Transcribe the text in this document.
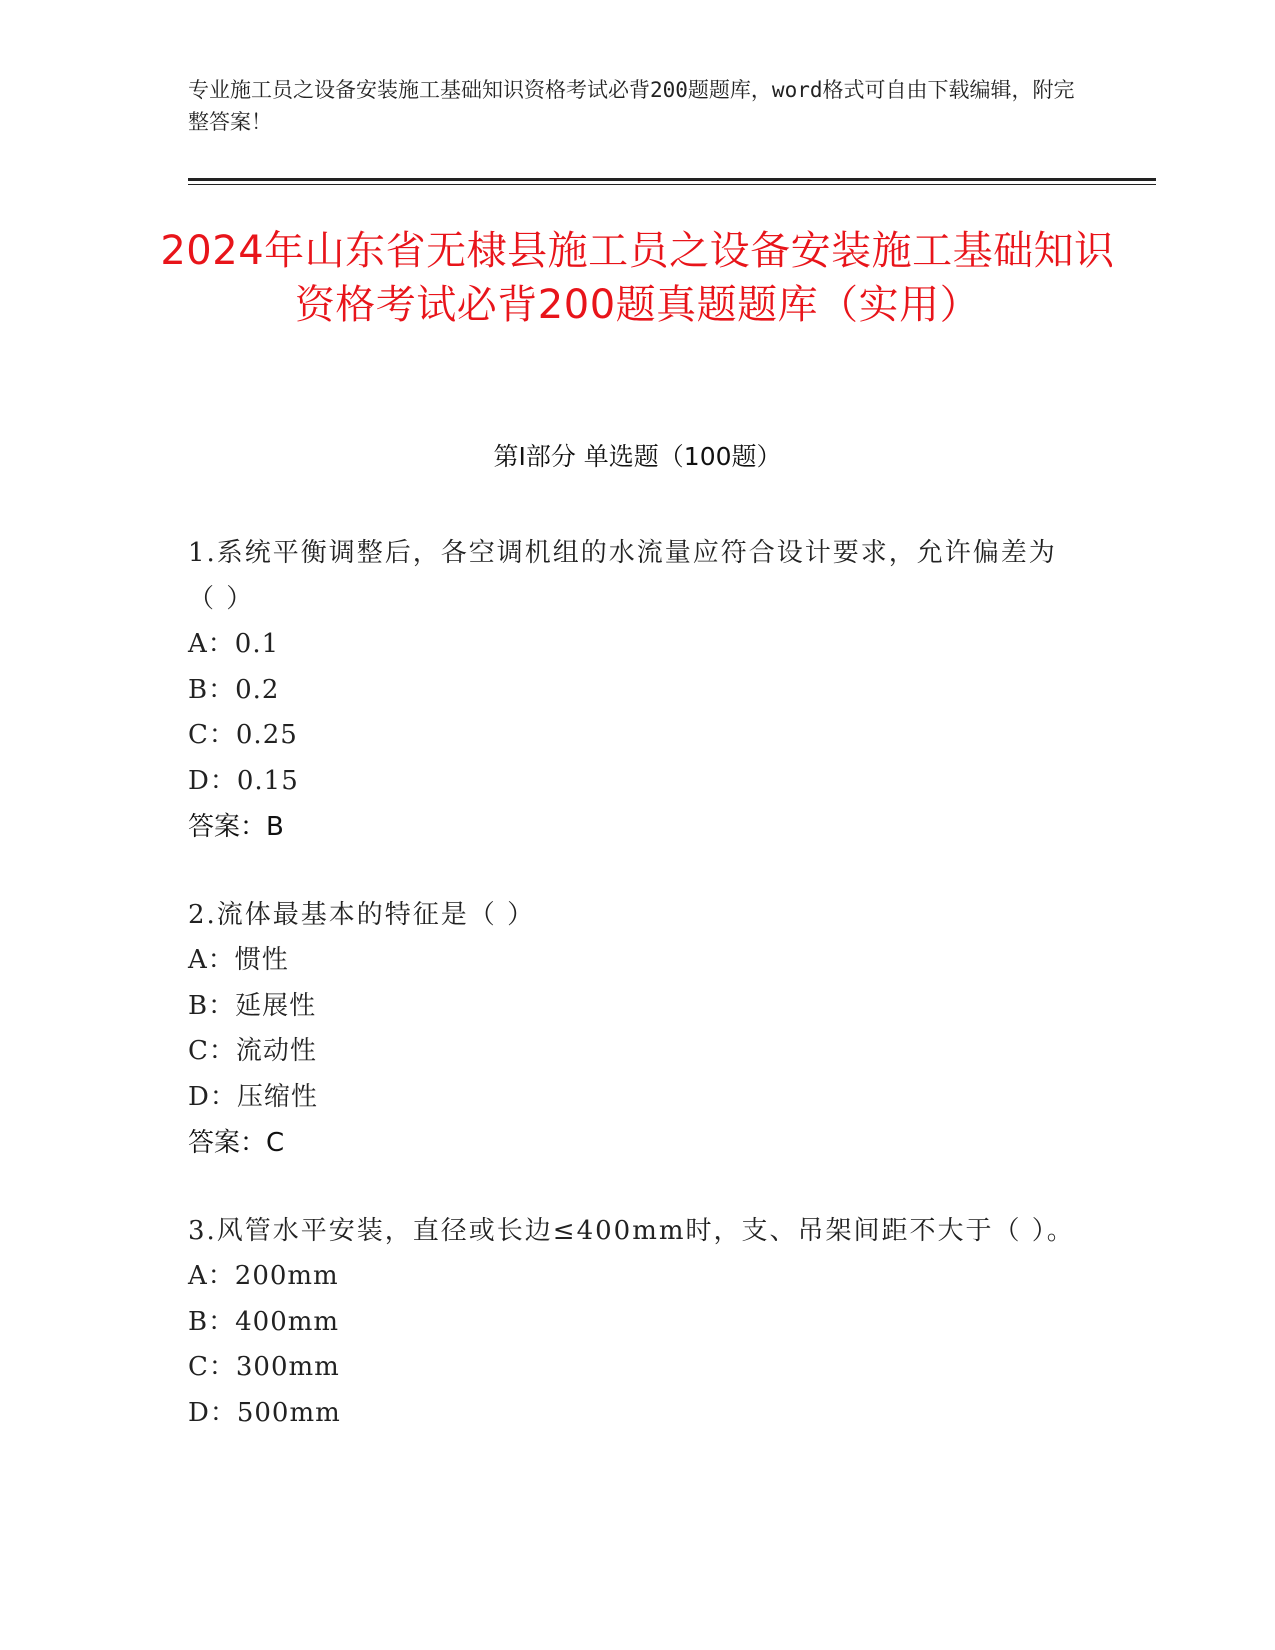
专业施工员之设备安装施工基础知识资格考试必背200题题库，word格式可自由下载编辑，附完整答案！
2024年山东省无棣县施工员之设备安装施工基础知识资格考试必背200题真题题库（实用）
第I部分 单选题（100题）
1.系统平衡调整后，各空调机组的水流量应符合设计要求，允许偏差为（ ）
A：0.1
B：0.2
C：0.25
D：0.15
答案：B
2.流体最基本的特征是（ ）
A：惯性
B：延展性
C：流动性
D：压缩性
答案：C
3.风管水平安装，直径或长边≤400mm时，支、吊架间距不大于（ ）。
A：200mm
B：400mm
C：300mm
D：500mm
